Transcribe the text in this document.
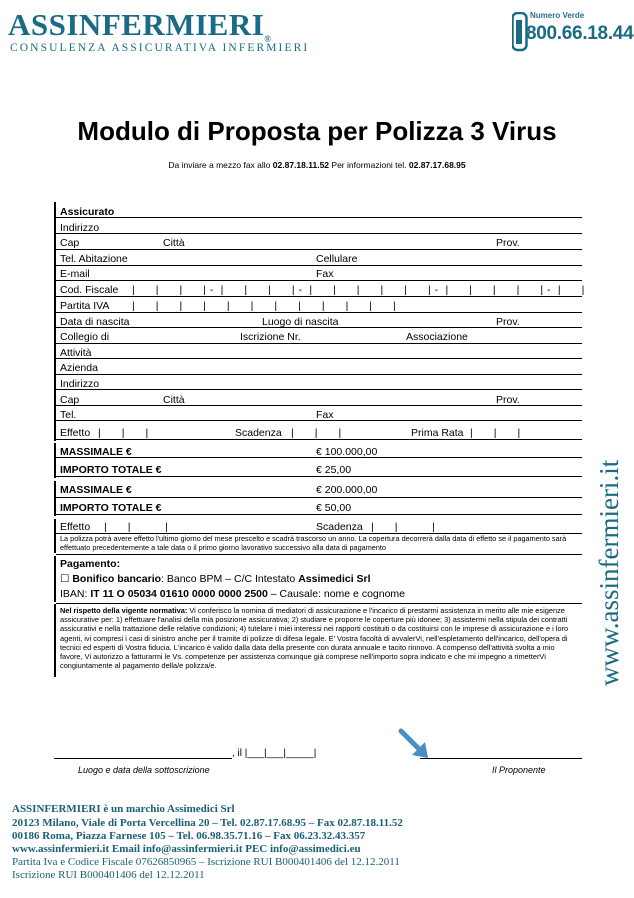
ASSINFERMIERI®
CONSULENZA ASSICURATIVA INFERMIERI
Numero Verde
800.66.18.44
Modulo di Proposta per Polizza 3 Virus
Da inviare a mezzo fax allo 02.87.18.11.52 Per informazioni tel. 02.87.17.68.95
Assicurato
Indirizzo
Cap	Città	Prov.
Tel. Abitazione	Cellulare
E-mail	Fax
Cod. Fiscale |      |      |      | -  |      |      |      | -  |      |      |      |      |      | -  |      |      |      |      | -  |      |
Partita IVA |      |      |      |      |      |      |      |      |      |      |      |
Data di nascita	Luogo di nascita	Prov.
Collegio di	Iscrizione Nr.	Associazione
Attività
Azienda
Indirizzo
Cap	Città	Prov.
Tel.	Fax
Effetto |      |      |	Scadenza |      |      |	Prima Rata |      |      |
MASSIMALE €	€ 100.000,00
IMPORTO TOTALE €	€ 25,00
MASSIMALE €	€ 200.000,00
IMPORTO TOTALE €	€ 50,00
Effetto |      |          |	Scadenza |      |          |
La polizza potrà avere effetto l'ultimo giorno del mese prescelto e scadrà trascorso un anno. La copertura decorrerà dalla data di effetto se il pagamento sarà effettuato precedentemente a tale data o il primo giorno lavorativo successivo alla data di pagamento
Pagamento:
☐ Bonifico bancario: Banco BPM – C/C Intestato Assimedici Srl
IBAN: IT 11 O 05034 01610 0000 0000 2500 – Causale: nome e cognome
Nel rispetto della vigente normativa: Vi conferisco la nomina di mediatori di assicurazione e l'incarico di prestarmi assistenza in merito alle mie esigenze assicurative per: 1) effettuare l'analisi della mia posizione assicurativa; 2) studiare e proporre le coperture più idonee; 3) assistermi nella stipula dei contratti assicurativi e nella trattazione delle relative condizioni; 4) tutelare i miei interessi nei rapporti costituiti o da costituirsi con le imprese di assicurazione e i loro agenti, ivi compresi i casi di sinistro anche per il tramite di polizze di difesa legale. E' Vostra facoltà di avvalerVi, nell'espletamento dell'incarico, dell'opera di tecnici ed esperti di Vostra fiducia. L'incarico è valido dalla data della presente con durata annuale e tacito rinnovo. A compenso dell'attività svolta a mio favore, Vi autorizzo a fatturarmi le Vs. competenze per assistenza comunque già comprese nell'importo sopra indicato e che mi impegno a rimetterVi congiuntamente al pagamento della/e polizza/e.
, il |___|___|_____|
Luogo e data della sottoscrizione	Il Proponente
ASSINFERMIERI è un marchio Assimedici Srl
20123 Milano, Viale di Porta Vercellina 20 – Tel. 02.87.17.68.95 – Fax 02.87.18.11.52
00186 Roma, Piazza Farnese 105 – Tel. 06.98.35.71.16 – Fax 06.23.32.43.357
www.assinfermieri.it Email info@assinfermieri.it PEC info@assimedici.eu
Partita Iva e Codice Fiscale 07626850965 – Iscrizione RUI B000401406 del 12.12.2011
Iscrizione RUI B000401406 del 12.12.2011
www.assinfermieri.it
